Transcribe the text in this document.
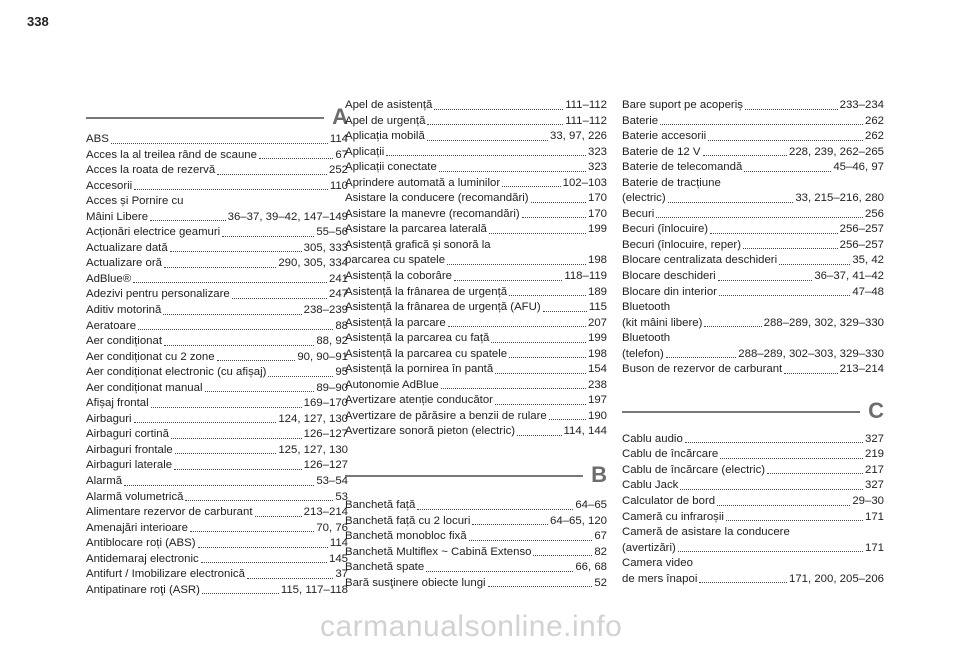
338
A
ABS	114
Acces la al treilea rând de scaune	67
Acces la roata de rezervă	252
Accesorii	110
Acces și Pornire cu
Mâini Libere	36–37, 39–42, 147–149
Acționări electrice geamuri	55–56
Actualizare dată	305, 333
Actualizare oră	290, 305, 334
AdBlue®	241
Adezivi pentru personalizare	247
Aditiv motorină	238–239
Aeratoare	88
Aer condiționat	88, 92
Aer condiționat cu 2 zone	90, 90–91
Aer condiționat electronic (cu afișaj)	95
Aer condiționat manual	89–90
Afișaj frontal	169–170
Airbaguri	124, 127, 130
Airbaguri cortină	126–127
Airbaguri frontale	125, 127, 130
Airbaguri laterale	126–127
Alarmă	53–54
Alarmă volumetrică	53
Alimentare rezervor de carburant	213–214
Amenajări interioare	70, 76
Antiblocare roți (ABS)	114
Antidemaraj electronic	145
Antifurt / Imobilizare electronică	37
Antipatinare roţi (ASR)	115, 117–118
Apel de asistență	111–112
Apel de urgență	111–112
Aplicația mobilă	33, 97, 226
Aplicații	323
Aplicații conectate	323
Aprindere automată a luminilor	102–103
Asistare la conducere (recomandări)	170
Asistare la manevre (recomandări)	170
Asistare la parcarea laterală	199
Asistență grafică și sonoră la
parcarea cu spatele	198
Asistență la coborâre	118–119
Asistență la frânarea de urgență	189
Asistență la frânarea de urgență (AFU)	115
Asistență la parcare	207
Asistență la parcarea cu față	199
Asistență la parcarea cu spatele	198
Asistență la pornirea în pantă	154
Autonomie AdBlue	238
Avertizare atenție conducător	197
Avertizare de părăsire a benzii de rulare	190
Avertizare sonoră pieton (electric)	114, 144
B
Banchetă față	64–65
Banchetă față cu 2 locuri	64–65, 120
Banchetă monobloc fixă	67
Banchetă Multiflex ~ Cabină Extenso	82
Banchetă spate	66, 68
Bară susţinere obiecte lungi	52
Bare suport pe acoperiș	233–234
Baterie	262
Baterie accesorii	262
Baterie de 12 V	228, 239, 262–265
Baterie de telecomandă	45–46, 97
Baterie de tracțiune
(electric)	33, 215–216, 280
Becuri	256
Becuri (înlocuire)	256–257
Becuri (înlocuire, reper)	256–257
Blocare centralizata deschideri	35, 42
Blocare deschideri	36–37, 41–42
Blocare din interior	47–48
Bluetooth
(kit mâini libere)	288–289, 302, 329–330
Bluetooth
(telefon)	288–289, 302–303, 329–330
Buson de rezervor de carburant	213–214
C
Cablu audio	327
Cablu de încărcare	219
Cablu de încărcare (electric)	217
Cablu Jack	327
Calculator de bord	29–30
Cameră cu infraroșii	171
Cameră de asistare la conducere
(avertizări)	171
Camera video
de mers înapoi	171, 200, 205–206
carmanualsonline.info
